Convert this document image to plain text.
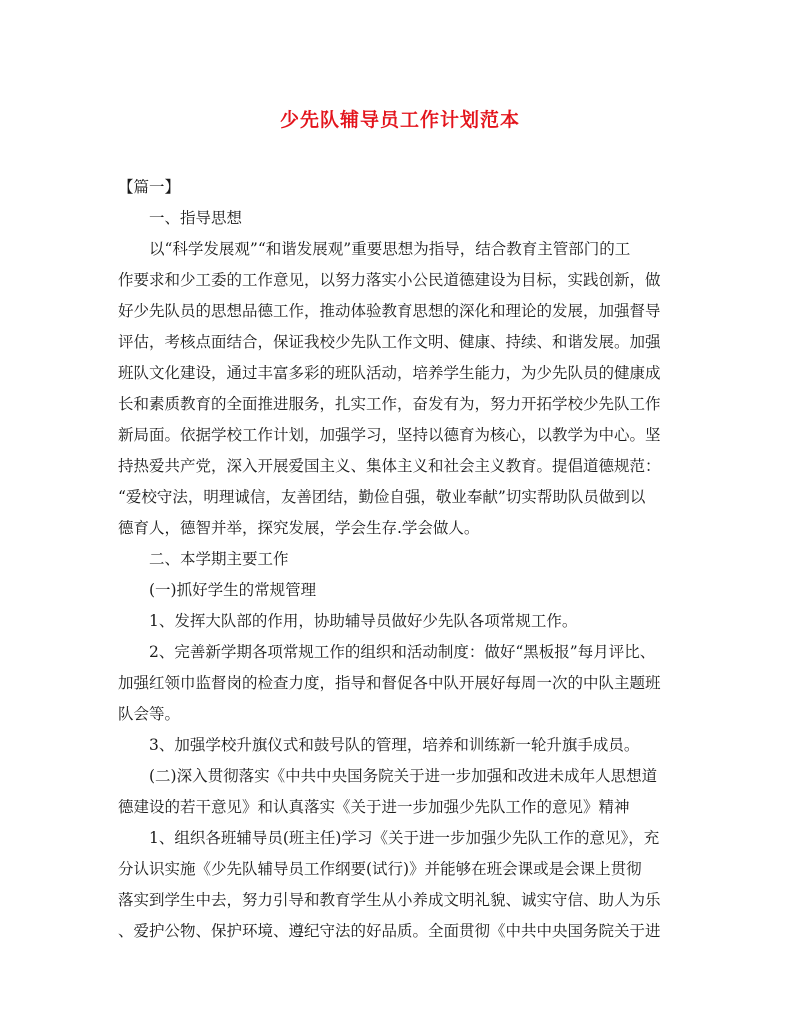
少先队辅导员工作计划范本

【篇一】

一、指导思想

以“科学发展观”“和谐发展观”重要思想为指导，结合教育主管部门的工

作要求和少工委的工作意见，以努力落实小公民道德建设为目标，实践创新，做

好少先队员的思想品德工作，推动体验教育思想的深化和理论的发展，加强督导

评估，考核点面结合，保证我校少先队工作文明、健康、持续、和谐发展。加强

班队文化建设，通过丰富多彩的班队活动，培养学生能力，为少先队员的健康成

长和素质教育的全面推进服务，扎实工作，奋发有为，努力开拓学校少先队工作

新局面。依据学校工作计划，加强学习，坚持以德育为核心，以教学为中心。坚

持热爱共产党，深入开展爱国主义、集体主义和社会主义教育。提倡道德规范：

“爱校守法，明理诚信，友善团结，勤俭自强，敬业奉献”切实帮助队员做到以

德育人，德智并举，探究发展，学会生存.学会做人。

二、本学期主要工作

(一)抓好学生的常规管理

1、发挥大队部的作用，协助辅导员做好少先队各项常规工作。

2、完善新学期各项常规工作的组织和活动制度：做好“黑板报”每月评比、

加强红领巾监督岗的检查力度，指导和督促各中队开展好每周一次的中队主题班

队会等。

3、加强学校升旗仪式和鼓号队的管理，培养和训练新一轮升旗手成员。

(二)深入贯彻落实《中共中央国务院关于进一步加强和改进未成年人思想道

德建设的若干意见》和认真落实《关于进一步加强少先队工作的意见》精神

1、组织各班辅导员(班主任)学习《关于进一步加强少先队工作的意见》，充

分认识实施《少先队辅导员工作纲要(试行)》并能够在班会课或是会课上贯彻

落实到学生中去，努力引导和教育学生从小养成文明礼貌、诚实守信、助人为乐

、爱护公物、保护环境、遵纪守法的好品质。全面贯彻《中共中央国务院关于进
